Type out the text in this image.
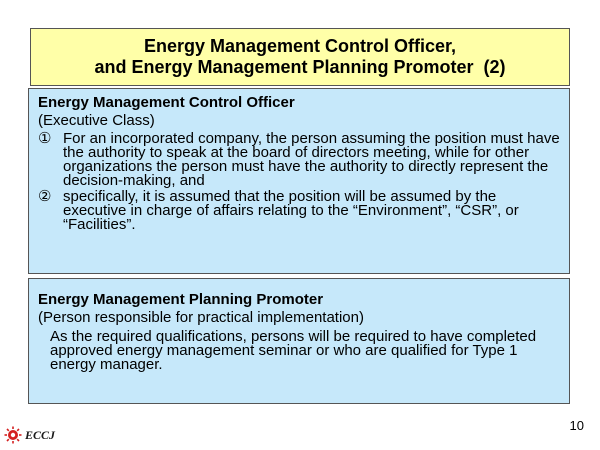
Energy Management Control Officer,
and Energy Management Planning Promoter  (2)
Energy Management Control Officer
(Executive Class)
① For an incorporated company, the person assuming the position must have the authority to speak at the board of directors meeting, while for other organizations the person must have the authority to directly represent the decision-making, and
② specifically, it is assumed that the position will be assumed by the executive in charge of affairs relating to the “Environment”, “CSR”, or “Facilities”.
Energy Management Planning Promoter
(Person responsible for practical implementation)
As the required qualifications, persons will be required to have completed approved energy management seminar or who are qualified for Type 1 energy manager.
10
ECCJ
